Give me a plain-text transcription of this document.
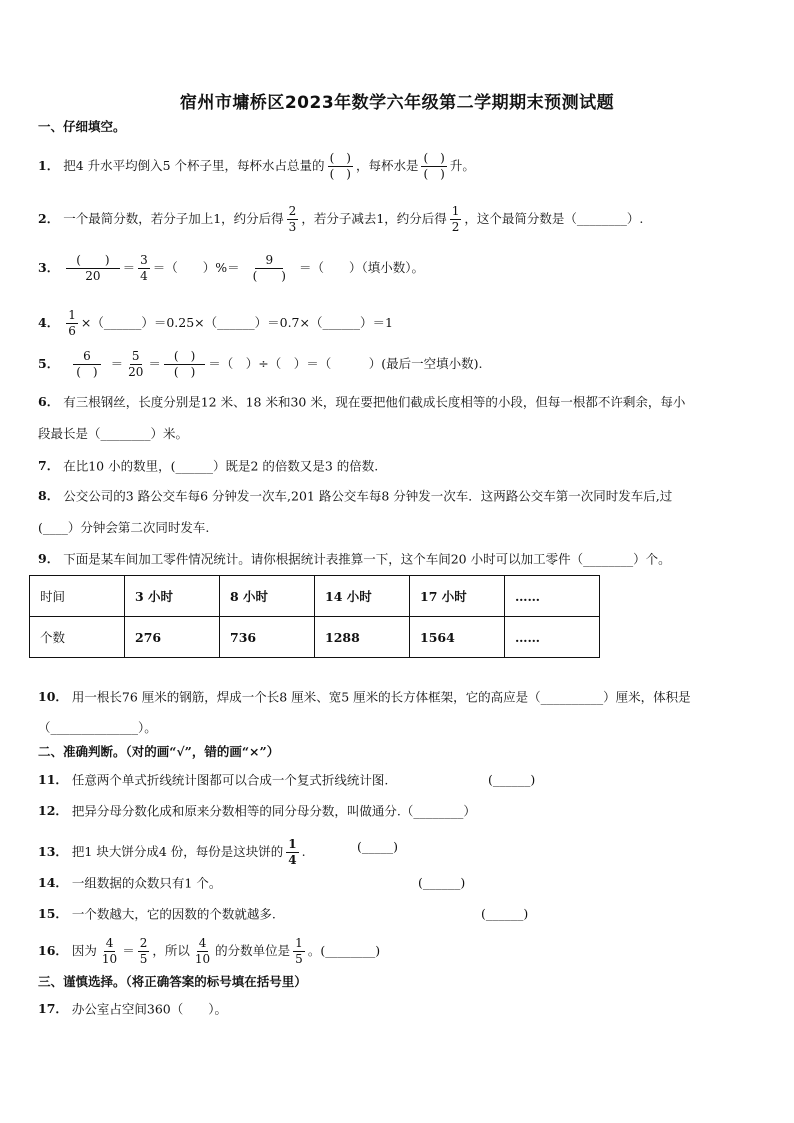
宿州市墉桥区2023年数学六年级第二学期期末预测试题
一、仔细填空。
1． 把4 升水平均倒入5 个杯子里，每杯水占总量的 $\frac{( )}{( )}$ ，每杯水是 $\frac{( )}{( )}$ 升。
2． 一个最简分数，若分子加上1，约分后得 $\frac{2}{3}$ ，若分子减去1，约分后得 $\frac{1}{2}$ ，这个最简分数是（________）.
3． $\frac{( )}{20} = \frac{3}{4}$ ＝（　　）%＝ $\frac{9}{( )}$ ＝（　　）（填小数）。
4． $\frac{1}{6}$ ×（______）＝0.25×（______）＝0.7×（______）＝1
5． $\frac{6}{( )} = \frac{5}{20} = \frac{( )}{( )}$ ＝（　）÷（　）＝（　　　）(最后一空填小数).
6． 有三根钢丝，长度分别是12 米、18 米和30 米，现在要把他们截成长度相等的小段，但每一根都不许剩余，每小
段最长是（________）米。
7． 在比10 小的数里，(______）既是2 的倍数又是3 的倍数.
8． 公交公司的3 路公交车每6 分钟发一次车,201 路公交车每8 分钟发一次车．这两路公交车第一次同时发车后,过
(____）分钟会第二次同时发车.
9． 下面是某车间加工零件情况统计。请你根据统计表推算一下，这个车间20 小时可以加工零件（________）个。
时间	3 小时	8 小时	14 小时	17 小时	……
个数	276	736	1288	1564	……
10． 用一根长76 厘米的钢筋，焊成一个长8 厘米、宽5 厘米的长方体框架，它的高应是（__________）厘米，体积是
（______________）。
二、准确判断。（对的画“√”，错的画“×”）
11． 任意两个单式折线统计图都可以合成一个复式折线统计图.	(______)
12． 把异分母分数化成和原来分数相等的同分母分数，叫做通分.（________）
13． 把1 块大饼分成4 份，每份是这块饼的 $\frac{1}{4}$ .	(_____)
14． 一组数据的众数只有1 个。	(______)
15． 一个数越大，它的因数的个数就越多.	(______)
16． 因为 $\frac{4}{10} = \frac{2}{5}$ ，所以 $\frac{4}{10}$ 的分数单位是 $\frac{1}{5}$ 。(________)
三、谨慎选择。（将正确答案的标号填在括号里）
17． 办公室占空间360（　　）。
